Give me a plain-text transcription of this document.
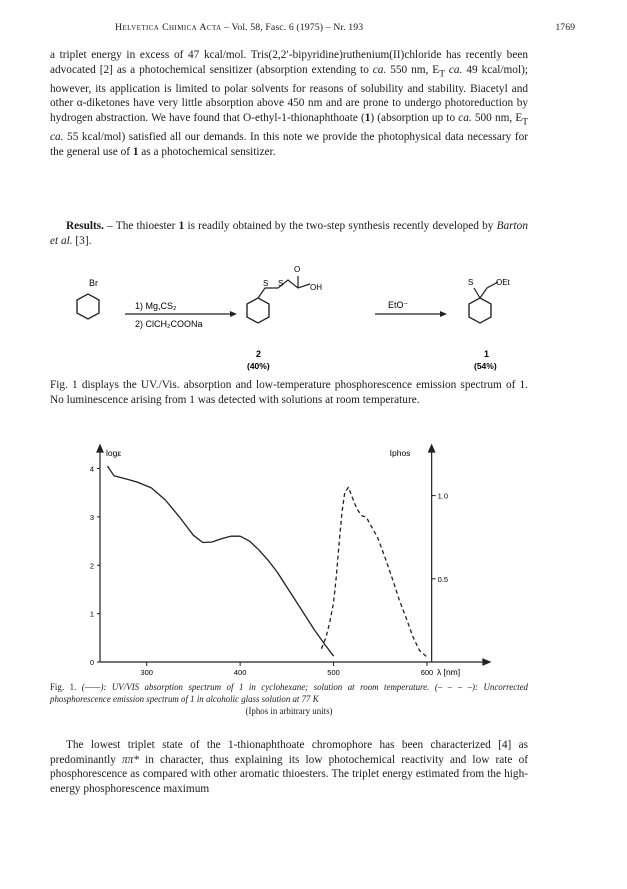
Helvetica Chimica Acta – Vol. 58, Fasc. 6 (1975) – Nr. 193	1769

a triplet energy in excess of 47 kcal/mol. Tris(2,2′-bipyridine)ruthenium(II)chloride has recently been advocated [2] as a photochemical sensitizer (absorption extending to ca. 550 nm, $E_T$ ca. 49 kcal/mol); however, its application is limited to polar solvents for reasons of solubility and stability. Biacetyl and other α-diketones have very little absorption above 450 nm and are prone to undergo photoreduction by hydrogen abstraction. We have found that O-ethyl-1-thionaphthoate (1) (absorption up to ca. 500 nm, $E_T$ ca. 55 kcal/mol) satisfied all our demands. In this note we provide the photophysical data necessary for the general use of 1 as a photochemical sensitizer.

Results. – The thioester 1 is readily obtained by the two-step synthesis recently developed by Barton et al. [3].

Br
1) Mg,CS₂
2) ClCH₂COONa
S S
O
OH
2
(40%)
EtO⁻
S	OEt
1
(54%)

Fig. 1 displays the UV./Vis. absorption and low-temperature phosphorescence emission spectrum of 1. No luminescence arising from 1 was detected with solutions at room temperature.

300	400	500	600
0
1
2
3
4
0.5
1.0
logε	Iphos
λ [nm]
Fig. 1. (——): UV/VIS absorption spectrum of 1 in cyclohexane; solution at room temperature. (– – – –): Uncorrected phosphorescence emission spectrum of 1 in alcoholic glass solution at 77 K
(Iphos in arbitrary units)

The lowest triplet state of the 1-thionaphthoate chromophore has been characterized [4] as predominantly ππ* in character, thus explaining its low photochemical reactivity and low rate of phosphorescence as compared with other aromatic thioesters. The triplet energy estimated from the high-energy phosphorescence maximum
